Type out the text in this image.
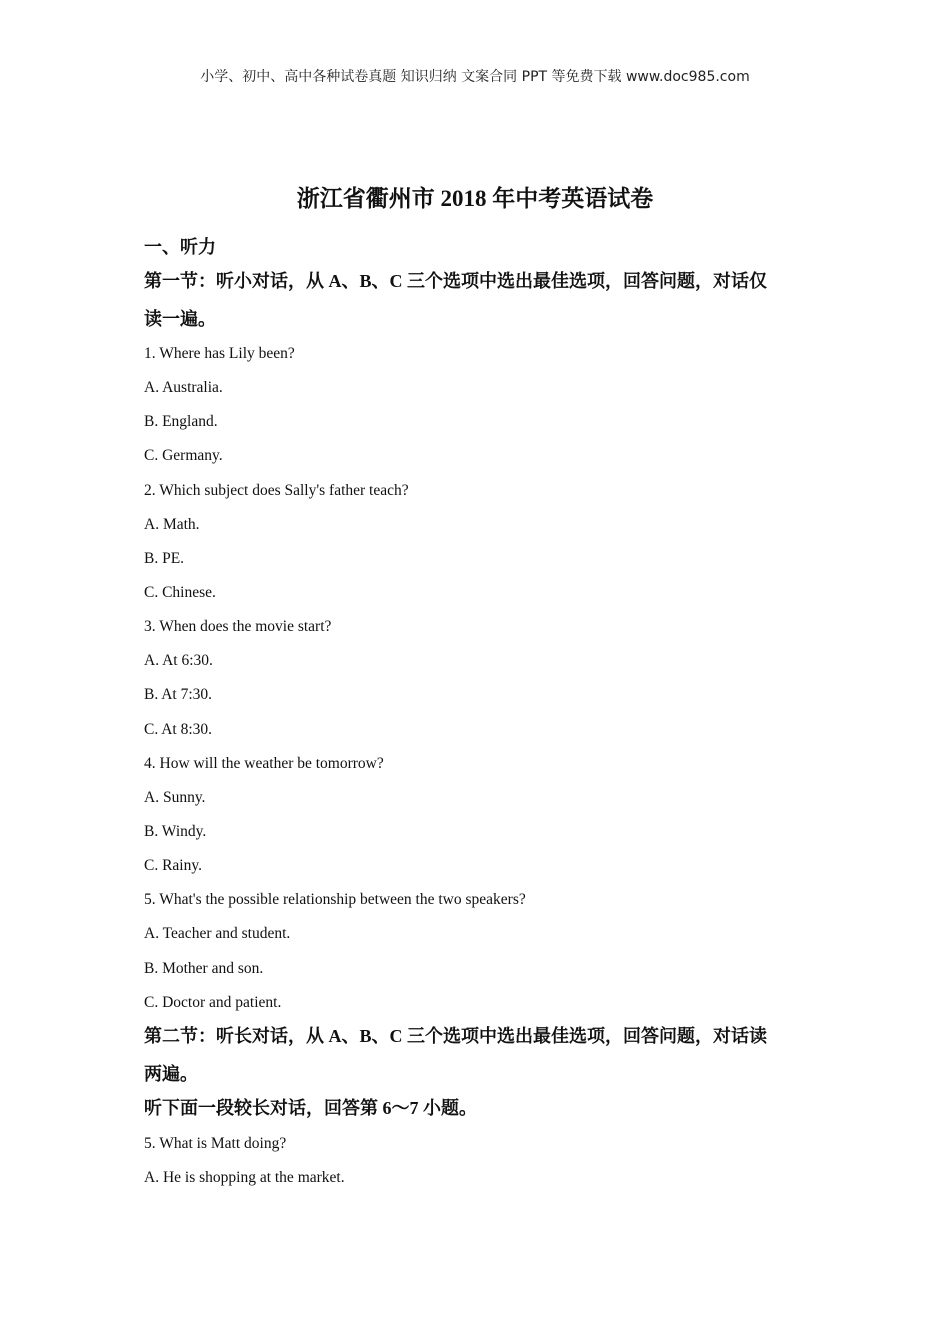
小学、初中、高中各种试卷真题 知识归纳 文案合同 PPT 等免费下载 www.doc985.com
浙江省衢州市 2018 年中考英语试卷
一、听力
第一节：听小对话，从 A、B、C 三个选项中选出最佳选项，回答问题，对话仅
读一遍。
1. Where has Lily been?
A. Australia.
B. England.
C. Germany.
2. Which subject does Sally's father teach?
A. Math.
B. PE.
C. Chinese.
3. When does the movie start?
A. At 6:30.
B. At 7:30.
C. At 8:30.
4. How will the weather be tomorrow?
A. Sunny.
B. Windy.
C. Rainy.
5. What's the possible relationship between the two speakers?
A. Teacher and student.
B. Mother and son.
C. Doctor and patient.
第二节：听长对话，从 A、B、C 三个选项中选出最佳选项，回答问题，对话读
两遍。
听下面一段较长对话，回答第 6～7 小题。
5. What is Matt doing?
A. He is shopping at the market.
